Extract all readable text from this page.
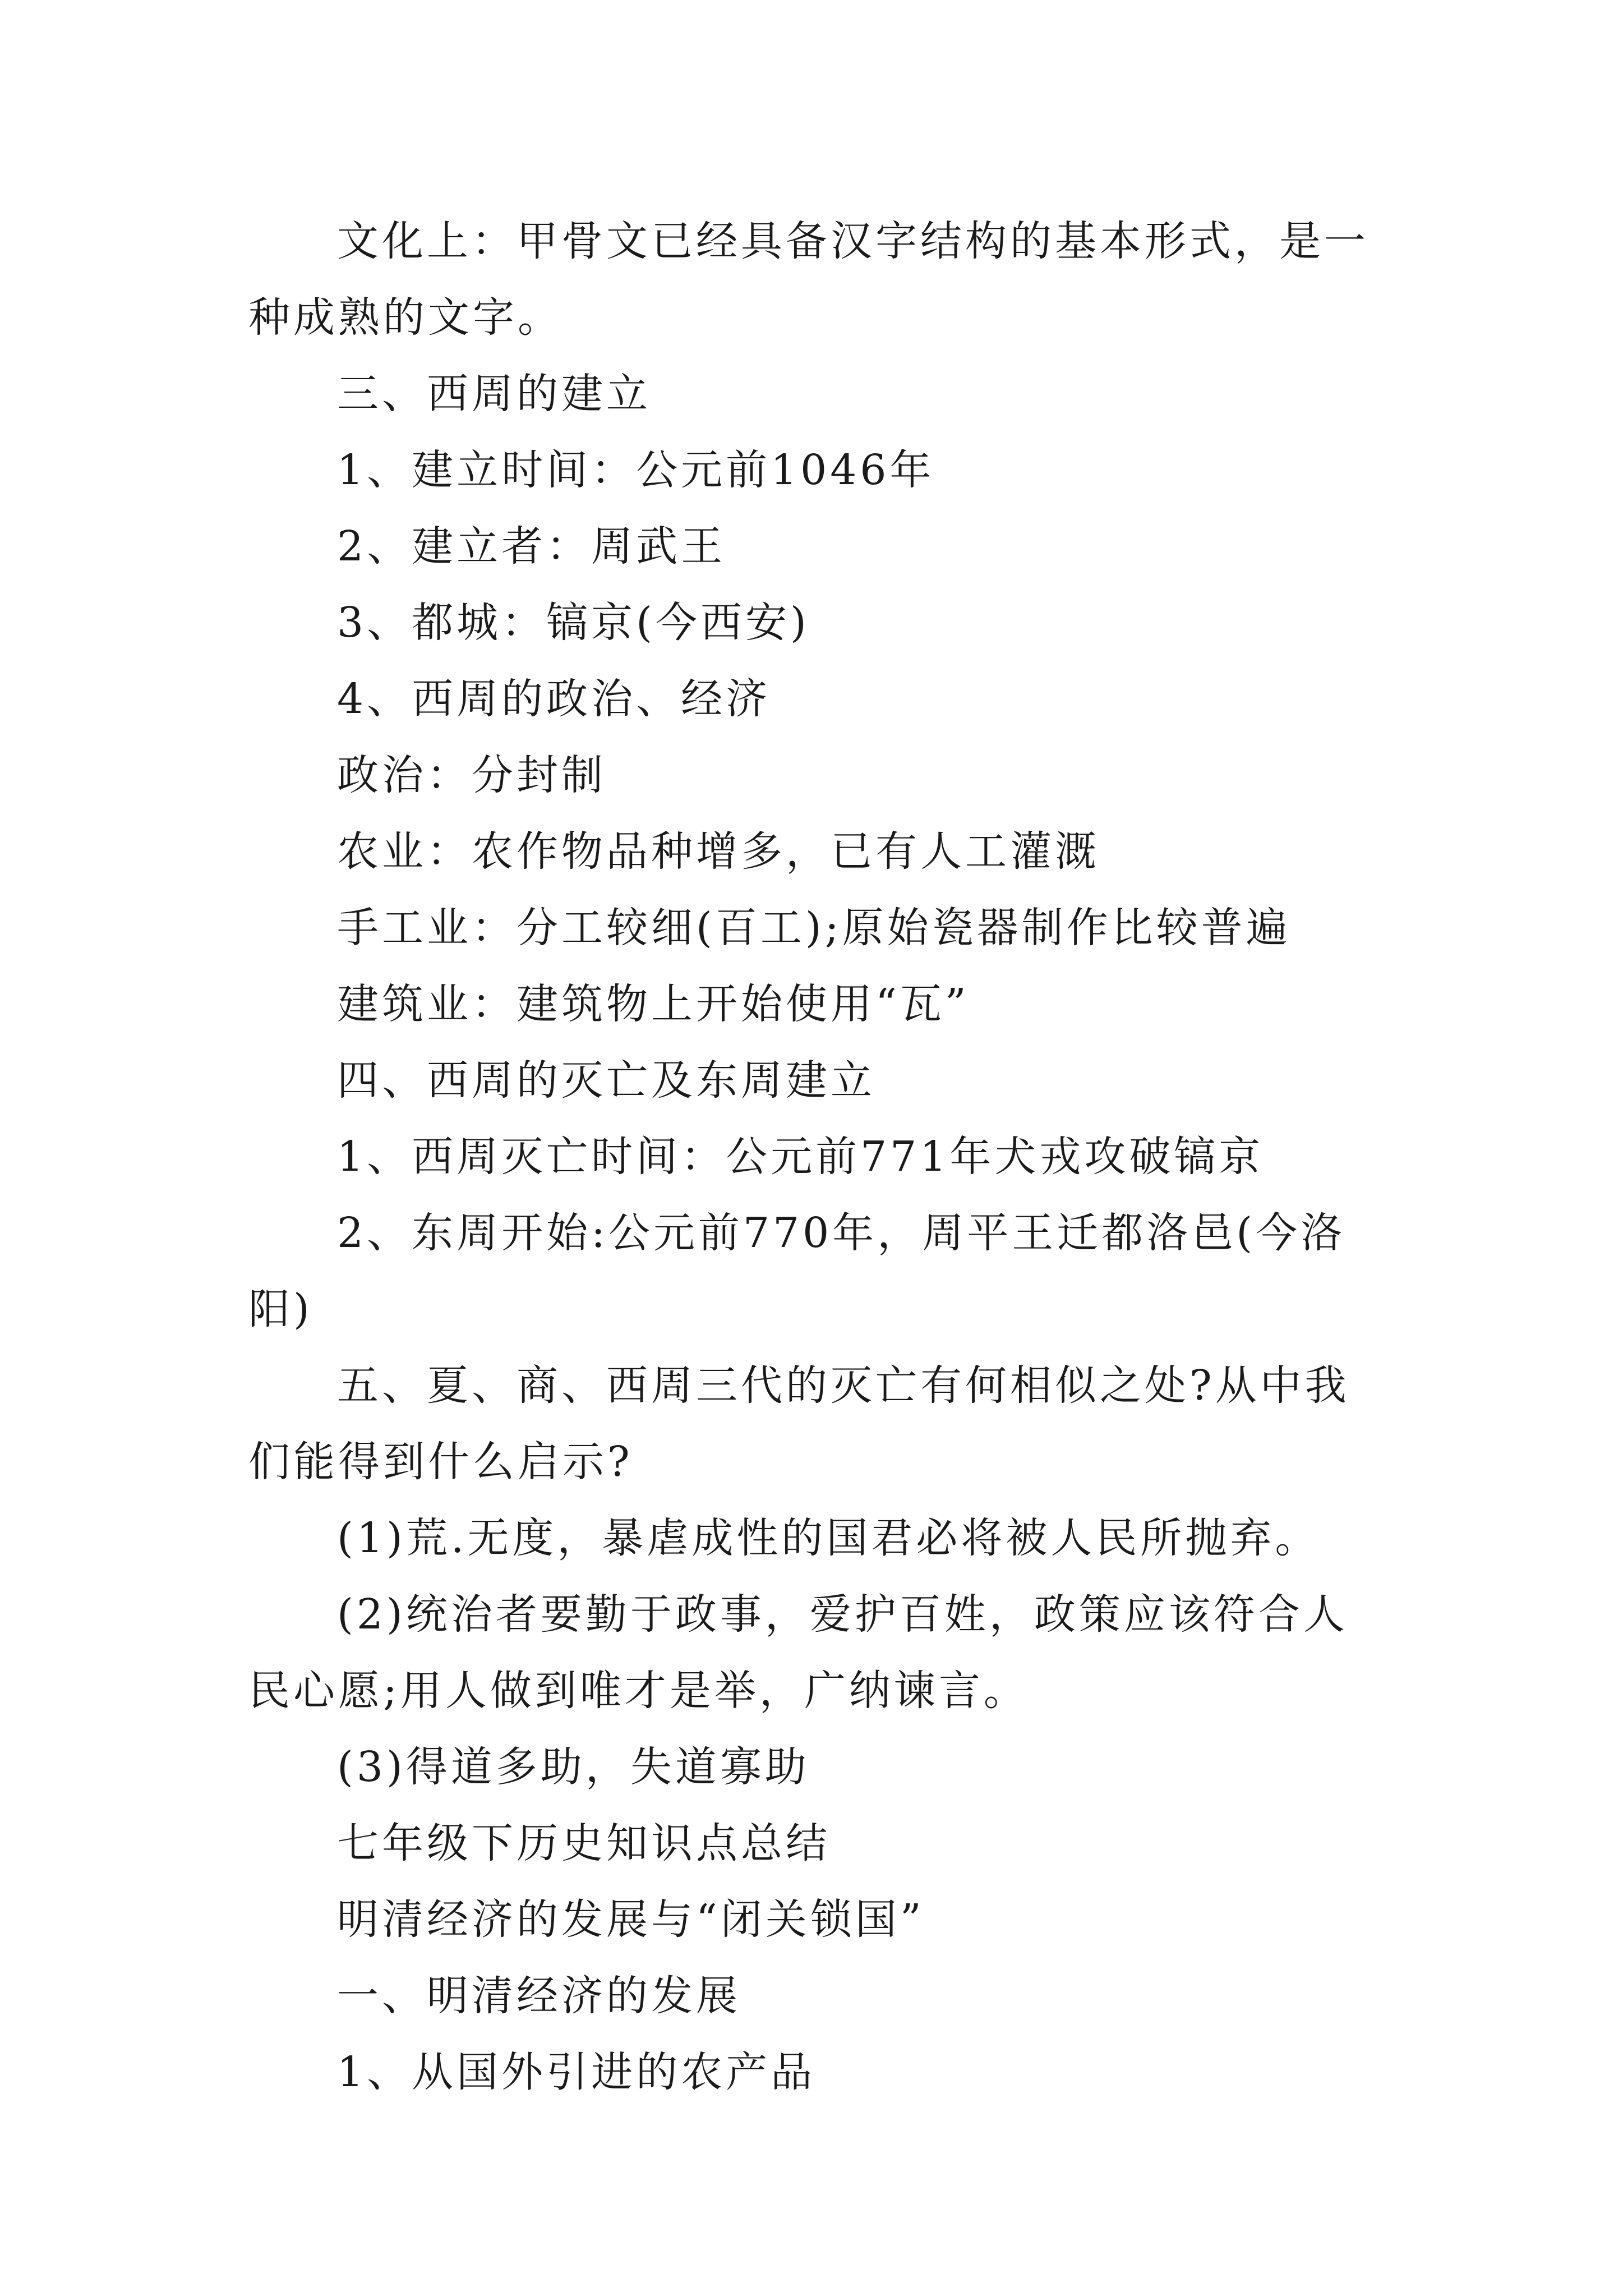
文化上：甲骨文已经具备汉字结构的基本形式，是一种成熟的文字。

三、西周的建立

1、建立时间：公元前1046年

2、建立者：周武王

3、都城：镐京(今西安)

4、西周的政治、经济

政治：分封制

农业：农作物品种增多，已有人工灌溉

手工业：分工较细(百工);原始瓷器制作比较普遍

建筑业：建筑物上开始使用“瓦”

四、西周的灭亡及东周建立

1、西周灭亡时间：公元前771年犬戎攻破镐京

2、东周开始:公元前770年，周平王迁都洛邑(今洛阳)

五、夏、商、西周三代的灭亡有何相似之处?从中我们能得到什么启示?

(1)荒.无度，暴虐成性的国君必将被人民所抛弃。

(2)统治者要勤于政事，爱护百姓，政策应该符合人民心愿;用人做到唯才是举，广纳谏言。

(3)得道多助，失道寡助

七年级下历史知识点总结

明清经济的发展与“闭关锁国”

一、明清经济的发展

1、从国外引进的农产品
